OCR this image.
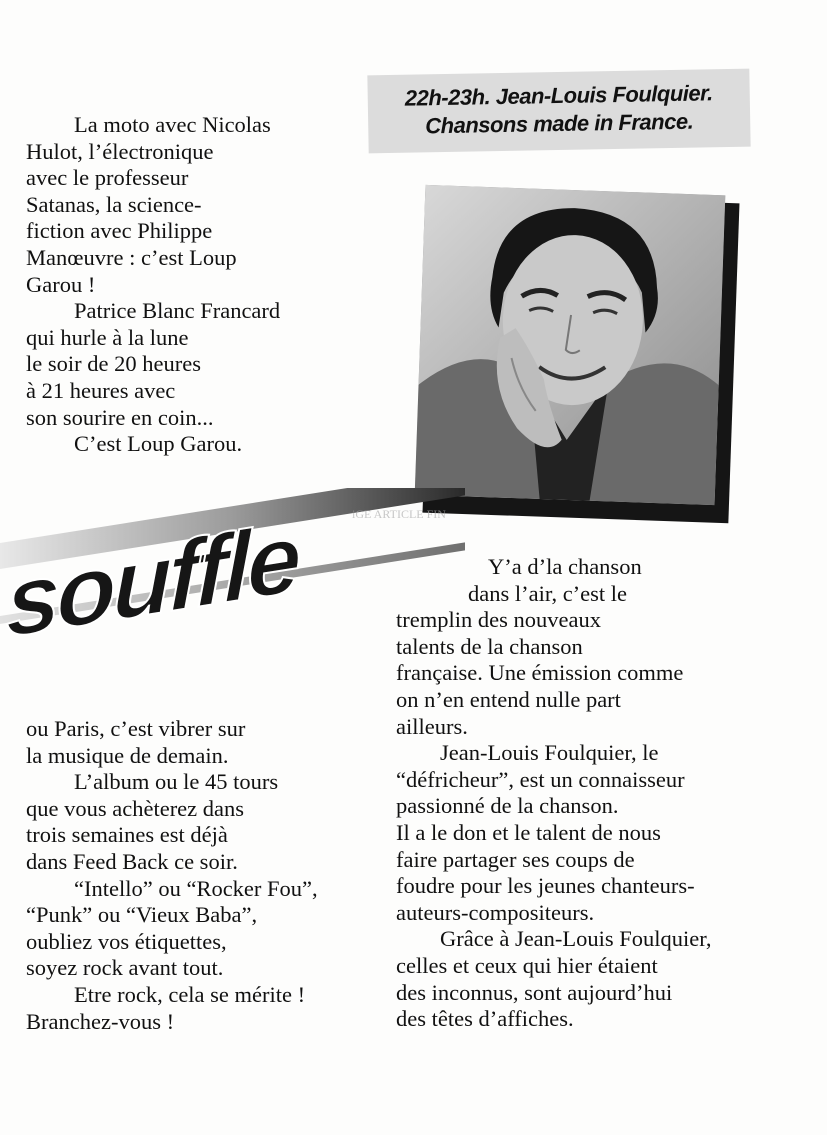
22h-23h. Jean-Louis Foulquier.
Chansons made in France.
La moto avec Nicolas
Hulot, l’électronique
avec le professeur
Satanas, la science-
fiction avec Philippe
Manœuvre : c’est Loup
Garou !
Patrice Blanc Francard
qui hurle à la lune
le soir de 20 heures
à 21 heures avec
son sourire en coin...
C’est Loup Garou.
souffle	iGE ARTICLE FIN
ou Paris, c’est vibrer sur
la musique de demain.
L’album ou le 45 tours
que vous achèterez dans
trois semaines est déjà
dans Feed Back ce soir.
“Intello” ou “Rocker Fou”,
“Punk” ou “Vieux Baba”,
oubliez vos étiquettes,
soyez rock avant tout.
Etre rock, cela se mérite !
Branchez-vous !
Y’a d’la chanson
dans l’air, c’est le
tremplin des nouveaux
talents de la chanson
française. Une émission comme
on n’en entend nulle part
ailleurs.
Jean-Louis Foulquier, le
“défricheur”, est un connaisseur
passionné de la chanson.
Il a le don et le talent de nous
faire partager ses coups de
foudre pour les jeunes chanteurs-
auteurs-compositeurs.
Grâce à Jean-Louis Foulquier,
celles et ceux qui hier étaient
des inconnus, sont aujourd’hui
des têtes d’affiches.
